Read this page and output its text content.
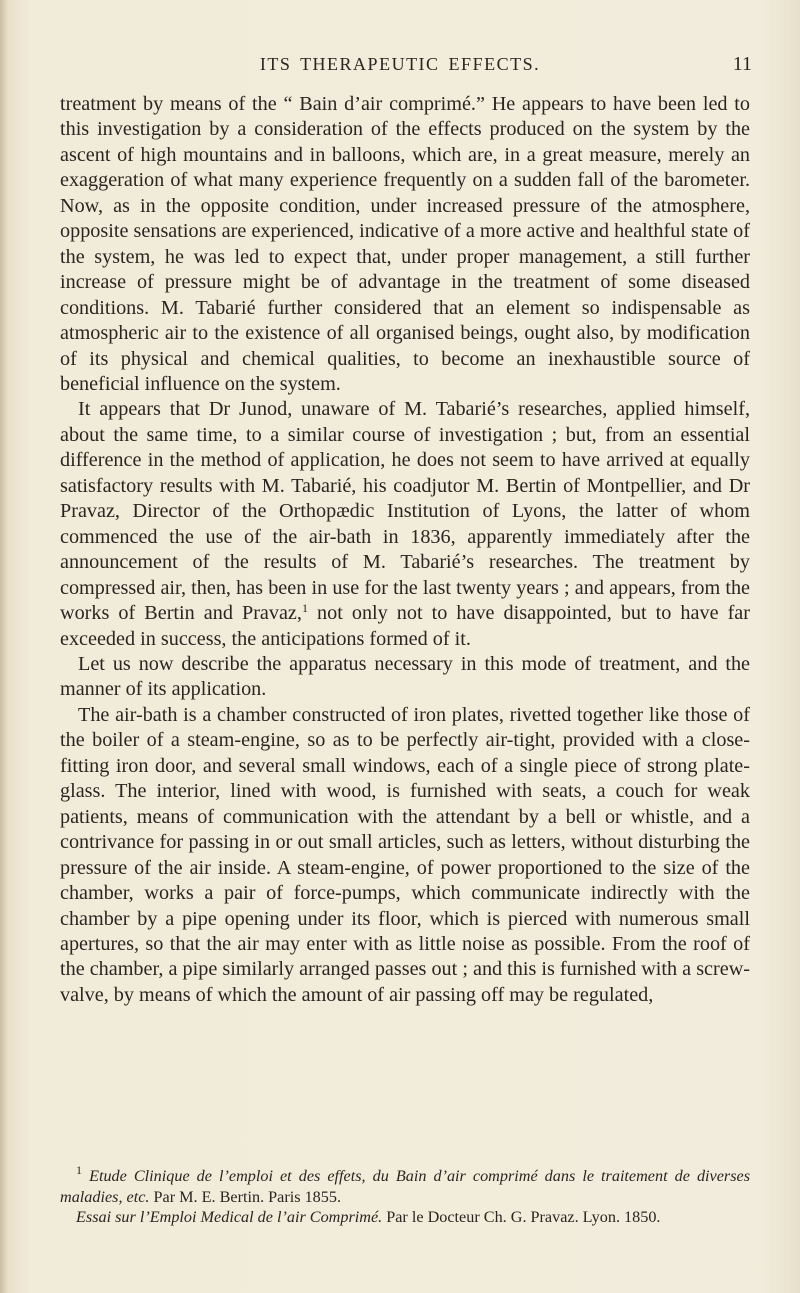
ITS THERAPEUTIC EFFECTS.	11

treatment by means of the “ Bain d’air comprimé.” He appears to have been led to this investigation by a consideration of the effects produced on the system by the ascent of high mountains and in balloons, which are, in a great measure, merely an exaggeration of what many experience frequently on a sudden fall of the barometer. Now, as in the opposite condition, under increased pressure of the atmosphere, opposite sensations are experienced, indicative of a more active and healthful state of the system, he was led to expect that, under proper management, a still further increase of pressure might be of advantage in the treatment of some diseased conditions. M. Tabarié further considered that an element so indispensable as atmospheric air to the existence of all organised beings, ought also, by modification of its physical and chemical qualities, to become an inexhaustible source of beneficial influence on the system.

It appears that Dr Junod, unaware of M. Tabarié’s researches, applied himself, about the same time, to a similar course of investigation ; but, from an essential difference in the method of application, he does not seem to have arrived at equally satisfactory results with M. Tabarié, his coadjutor M. Bertin of Montpellier, and Dr Pravaz, Director of the Orthopædic Institution of Lyons, the latter of whom commenced the use of the air-bath in 1836, apparently immediately after the announcement of the results of M. Tabarié’s researches. The treatment by compressed air, then, has been in use for the last twenty years ; and appears, from the works of Bertin and Pravaz,$^1$ not only not to have disappointed, but to have far exceeded in success, the anticipations formed of it.

Let us now describe the apparatus necessary in this mode of treatment, and the manner of its application.

The air-bath is a chamber constructed of iron plates, rivetted together like those of the boiler of a steam-engine, so as to be perfectly air-tight, provided with a close-fitting iron door, and several small windows, each of a single piece of strong plate-glass. The interior, lined with wood, is furnished with seats, a couch for weak patients, means of communication with the attendant by a bell or whistle, and a contrivance for passing in or out small articles, such as letters, without disturbing the pressure of the air inside. A steam-engine, of power proportioned to the size of the chamber, works a pair of force-pumps, which communicate indirectly with the chamber by a pipe opening under its floor, which is pierced with numerous small apertures, so that the air may enter with as little noise as possible. From the roof of the chamber, a pipe similarly arranged passes out ; and this is furnished with a screw-valve, by means of which the amount of air passing off may be regulated,

$^1$ Etude Clinique de l’emploi et des effets, du Bain d’air comprimé dans le traitement de diverses maladies, etc. Par M. E. Bertin. Paris 1855.

Essai sur l’Emploi Medical de l’air Comprimé. Par le Docteur Ch. G. Pravaz. Lyon. 1850.
